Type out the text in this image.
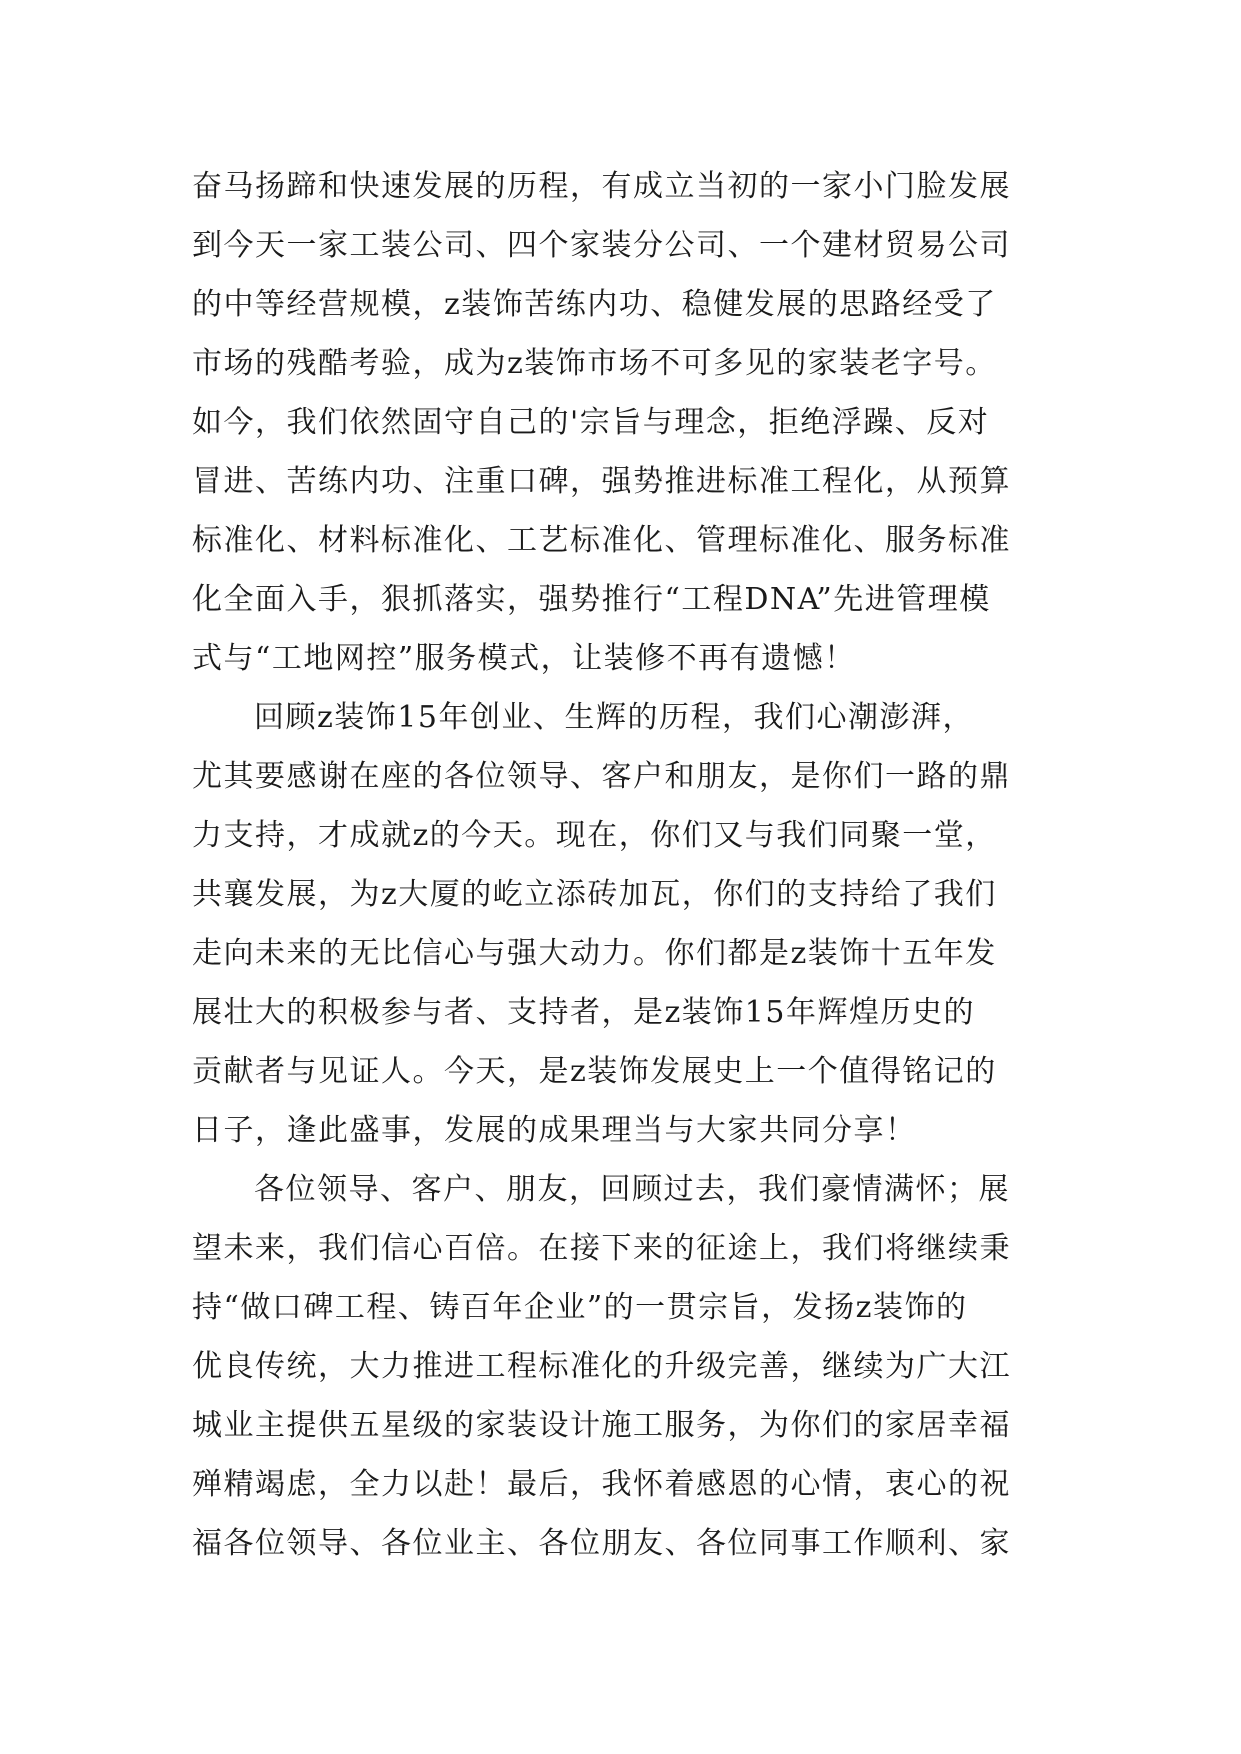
奋马扬蹄和快速发展的历程，有成立当初的一家小门脸发展
到今天一家工装公司、四个家装分公司、一个建材贸易公司
的中等经营规模，z装饰苦练内功、稳健发展的思路经受了
市场的残酷考验，成为z装饰市场不可多见的家装老字号。
如今，我们依然固守自己的'宗旨与理念，拒绝浮躁、反对
冒进、苦练内功、注重口碑，强势推进标准工程化，从预算
标准化、材料标准化、工艺标准化、管理标准化、服务标准
化全面入手，狠抓落实，强势推行“工程DNA”先进管理模
式与“工地网控”服务模式，让装修不再有遗憾！
回顾z装饰15年创业、生辉的历程，我们心潮澎湃，
尤其要感谢在座的各位领导、客户和朋友，是你们一路的鼎
力支持，才成就z的今天。现在，你们又与我们同聚一堂，
共襄发展，为z大厦的屹立添砖加瓦，你们的支持给了我们
走向未来的无比信心与强大动力。你们都是z装饰十五年发
展壮大的积极参与者、支持者，是z装饰15年辉煌历史的
贡献者与见证人。今天，是z装饰发展史上一个值得铭记的
日子，逢此盛事，发展的成果理当与大家共同分享！
各位领导、客户、朋友，回顾过去，我们豪情满怀；展
望未来，我们信心百倍。在接下来的征途上，我们将继续秉
持“做口碑工程、铸百年企业”的一贯宗旨，发扬z装饰的
优良传统，大力推进工程标准化的升级完善，继续为广大江
城业主提供五星级的家装设计施工服务，为你们的家居幸福
殚精竭虑，全力以赴！最后，我怀着感恩的心情，衷心的祝
福各位领导、各位业主、各位朋友、各位同事工作顺利、家
